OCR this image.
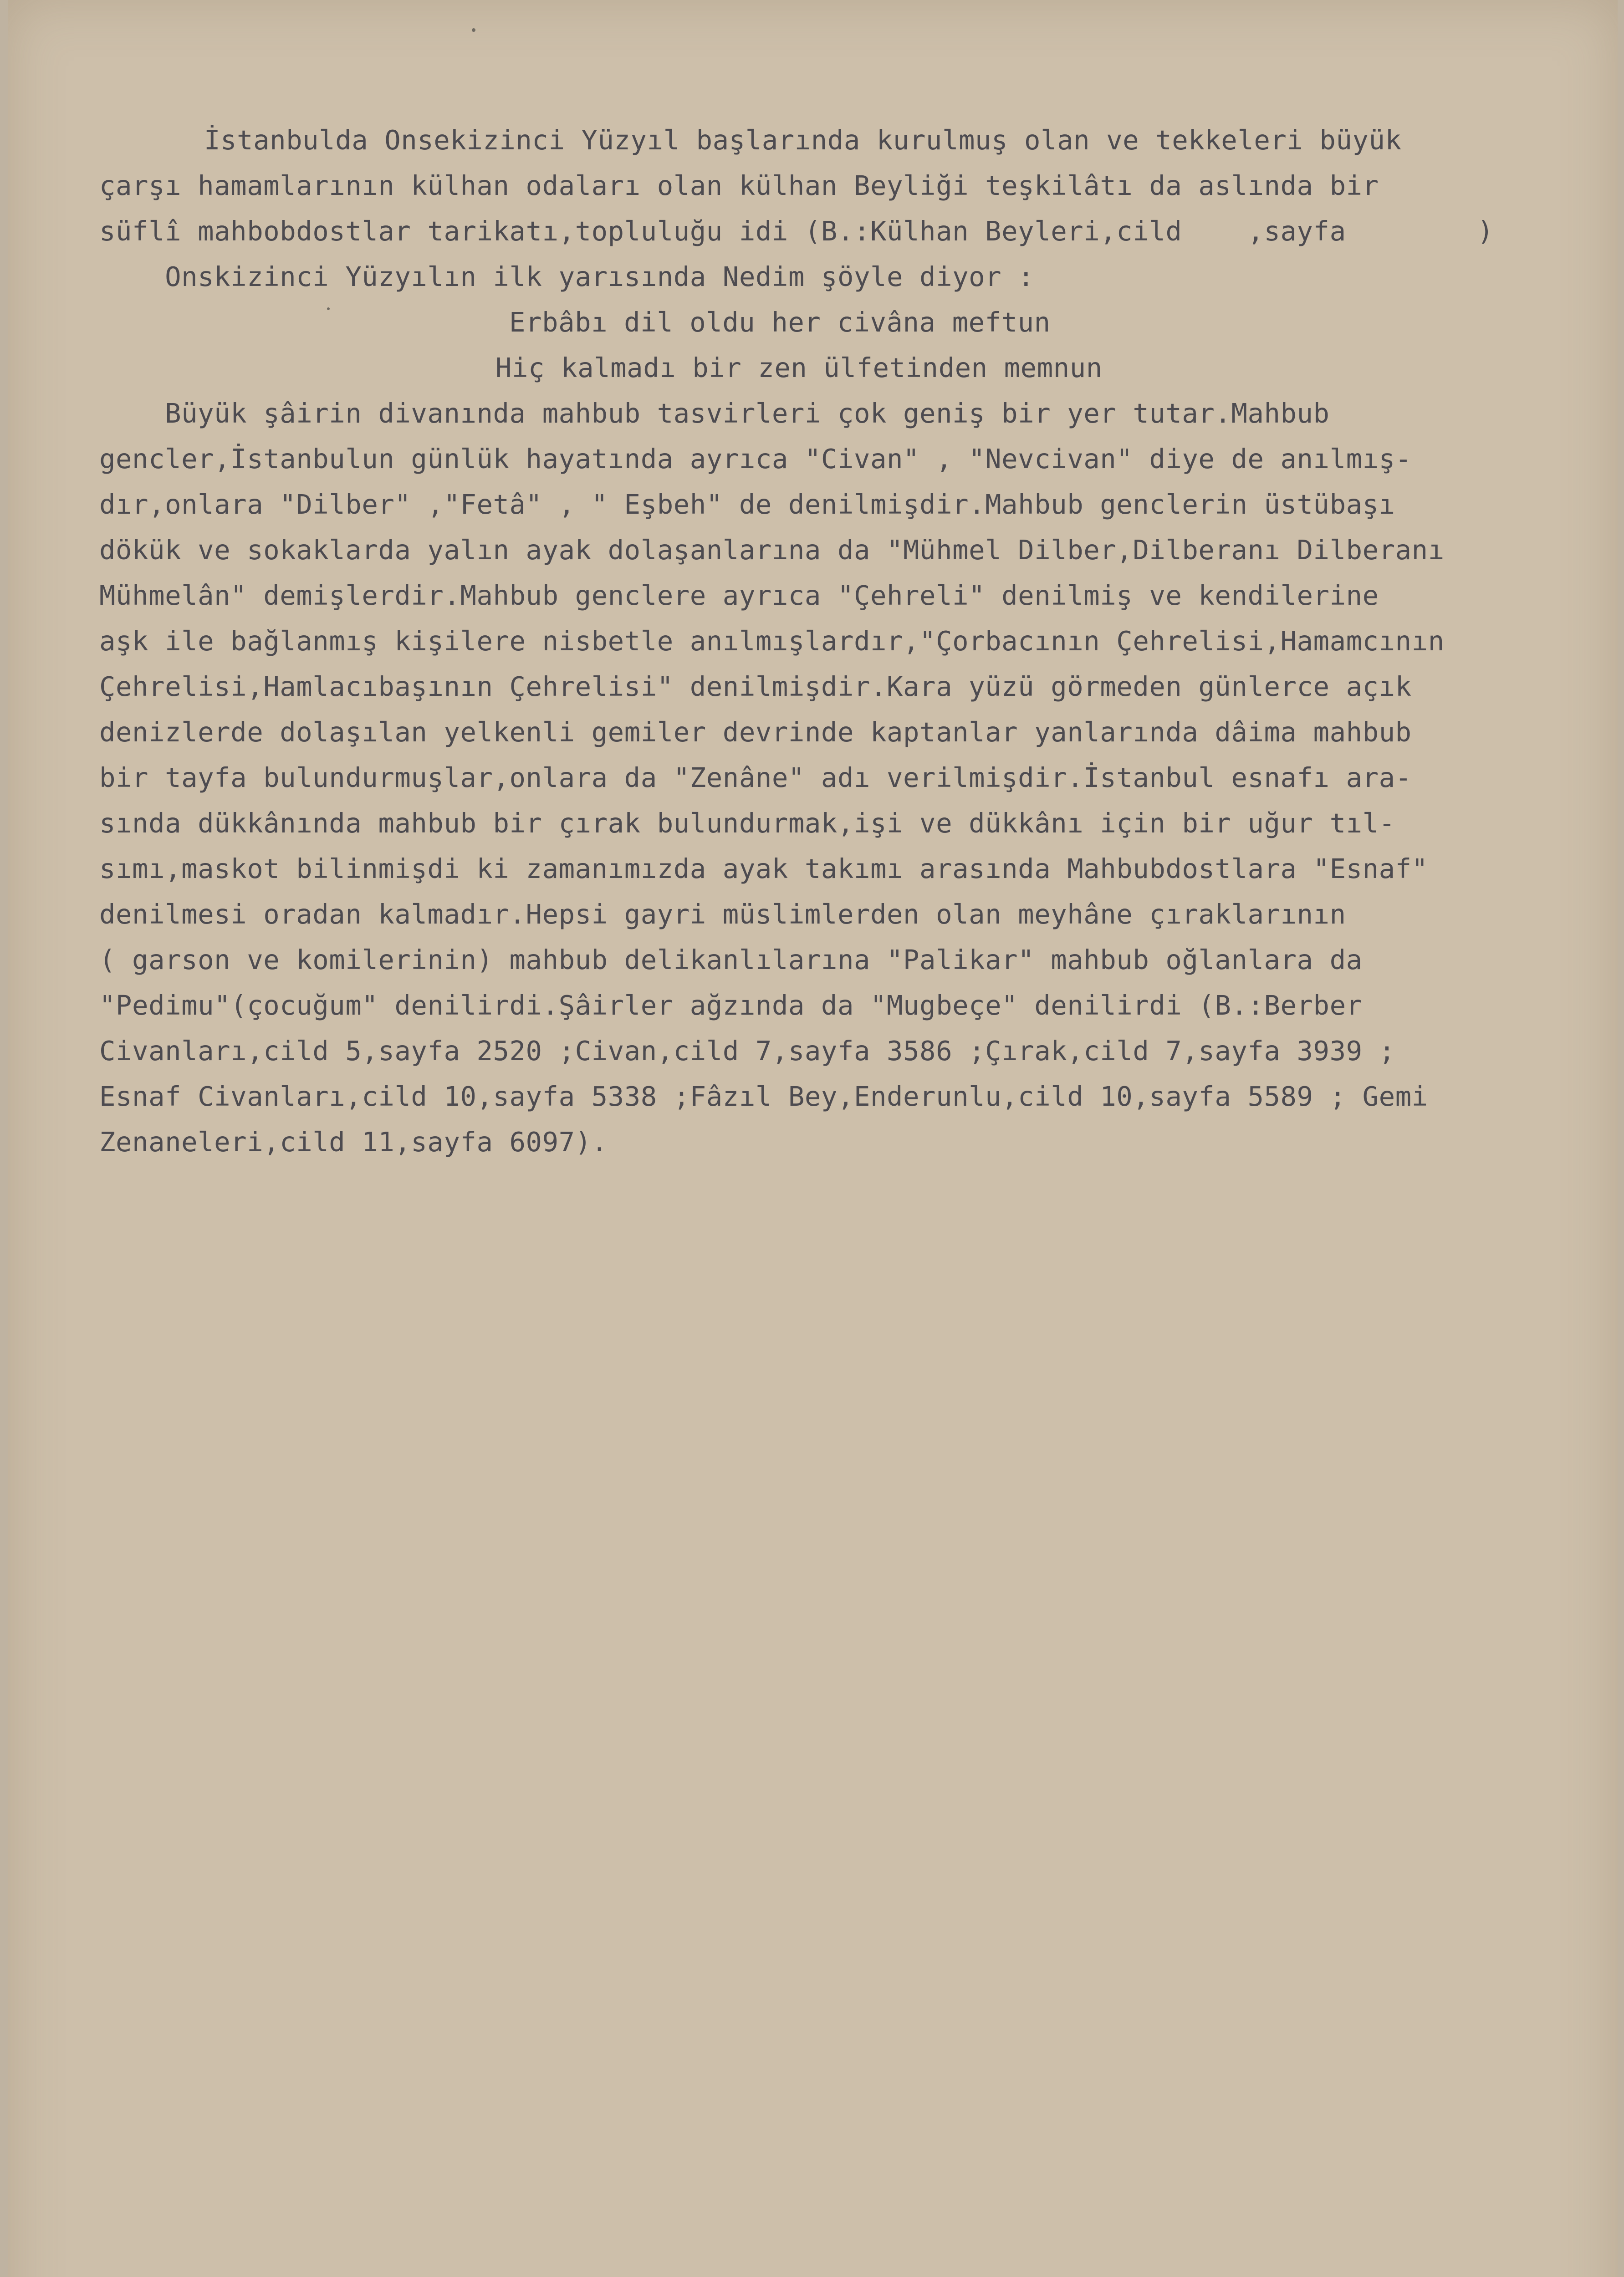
İstanbulda Onsekizinci Yüzyıl başlarında kurulmuş olan ve tekkeleri büyük
çarşı hamamlarının külhan odaları olan külhan Beyliği teşkilâtı da aslında bir
süflî mahbobdostlar tarikatı,topluluğu idi (B.:Külhan Beyleri,cild    ,sayfa        )
Onskizinci Yüzyılın ilk yarısında Nedim şöyle diyor :
Erbâbı dil oldu her civâna meftun
Hiç kalmadı bir zen ülfetinden memnun
Büyük şâirin divanında mahbub tasvirleri çok geniş bir yer tutar.Mahbub
gencler,İstanbulun günlük hayatında ayrıca "Civan" , "Nevcivan" diye de anılmış-
dır,onlara "Dilber" ,"Fetâ" , " Eşbeh" de denilmişdir.Mahbub genclerin üstübaşı
dökük ve sokaklarda yalın ayak dolaşanlarına da "Mühmel Dilber,Dilberanı Dilberanı
Mühmelân" demişlerdir.Mahbub genclere ayrıca "Çehreli" denilmiş ve kendilerine
aşk ile bağlanmış kişilere nisbetle anılmışlardır,"Çorbacının Çehrelisi,Hamamcının
Çehrelisi,Hamlacıbaşının Çehrelisi" denilmişdir.Kara yüzü görmeden günlerce açık
denizlerde dolaşılan yelkenli gemiler devrinde kaptanlar yanlarında dâima mahbub
bir tayfa bulundurmuşlar,onlara da "Zenâne" adı verilmişdir.İstanbul esnafı ara-
sında dükkânında mahbub bir çırak bulundurmak,işi ve dükkânı için bir uğur tıl-
sımı,maskot bilinmişdi ki zamanımızda ayak takımı arasında Mahbubdostlara "Esnaf"
denilmesi oradan kalmadır.Hepsi gayri müslimlerden olan meyhâne çıraklarının
( garson ve komilerinin) mahbub delikanlılarına "Palikar" mahbub oğlanlara da
"Pedimu"(çocuğum" denilirdi.Şâirler ağzında da "Mugbeçe" denilirdi (B.:Berber
Civanları,cild 5,sayfa 2520 ;Civan,cild 7,sayfa 3586 ;Çırak,cild 7,sayfa 3939 ;
Esnaf Civanları,cild 10,sayfa 5338 ;Fâzıl Bey,Enderunlu,cild 10,sayfa 5589 ; Gemi
Zenaneleri,cild 11,sayfa 6097).
